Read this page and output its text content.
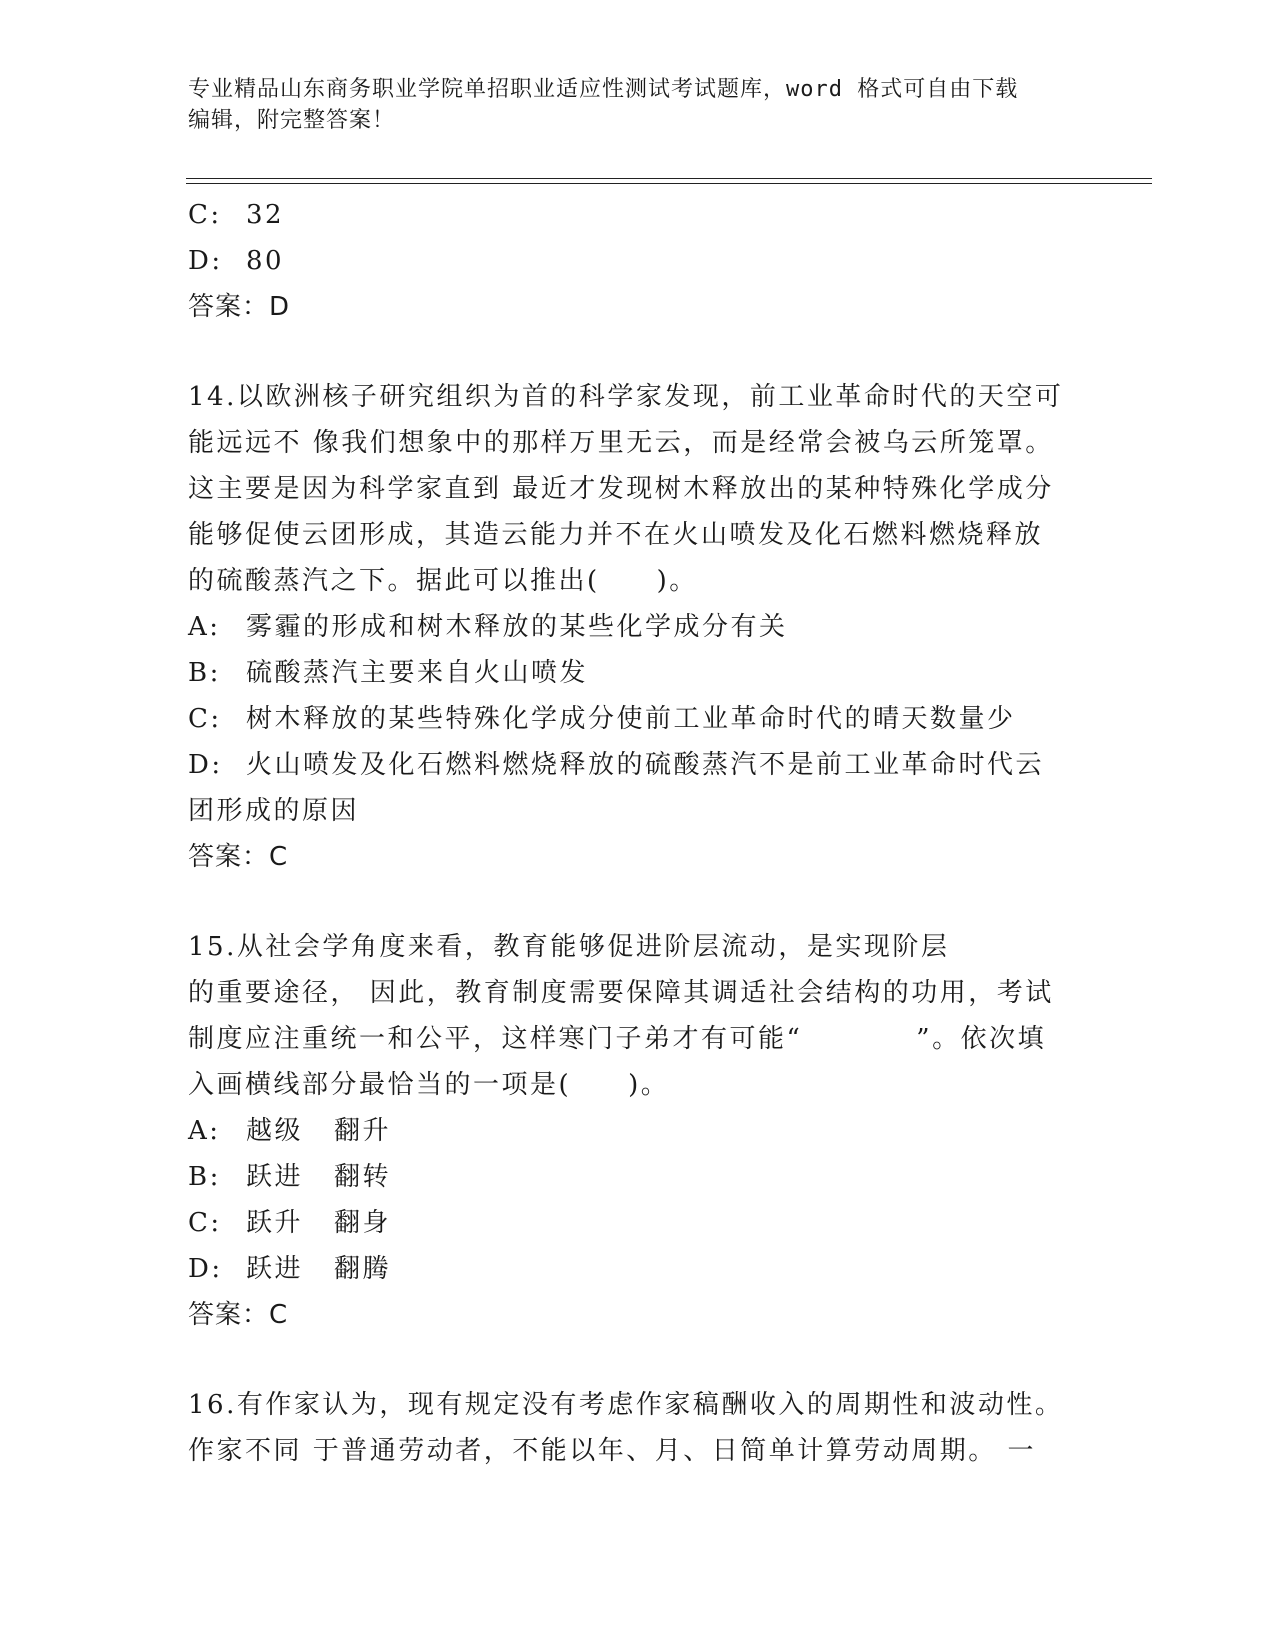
专业精品山东商务职业学院单招职业适应性测试考试题库，word 格式可自由下载
编辑，附完整答案！
C: 32
D: 80
答案：D
14.以欧洲核子研究组织为首的科学家发现，前工业革命时代的天空可
能远远不 像我们想象中的那样万里无云，而是经常会被乌云所笼罩。
这主要是因为科学家直到 最近才发现树木释放出的某种特殊化学成分
能够促使云团形成，其造云能力并不在火山喷发及化石燃料燃烧释放
的硫酸蒸汽之下。据此可以推出(　　)。
A: 雾霾的形成和树木释放的某些化学成分有关
B: 硫酸蒸汽主要来自火山喷发
C: 树木释放的某些特殊化学成分使前工业革命时代的晴天数量少
D: 火山喷发及化石燃料燃烧释放的硫酸蒸汽不是前工业革命时代云
团形成的原因
答案：C
15.从社会学角度来看，教育能够促进阶层流动，是实现阶层
的重要途径， 因此，教育制度需要保障其调适社会结构的功用，考试
制度应注重统一和公平，这样寒门子弟才有可能“　　　　”。依次填
入画横线部分最恰当的一项是(　　)。
A: 越级 翻升
B: 跃进 翻转
C: 跃升 翻身
D: 跃进 翻腾
答案：C
16.有作家认为，现有规定没有考虑作家稿酬收入的周期性和波动性。
作家不同 于普通劳动者，不能以年、月、日简单计算劳动周期。 一
